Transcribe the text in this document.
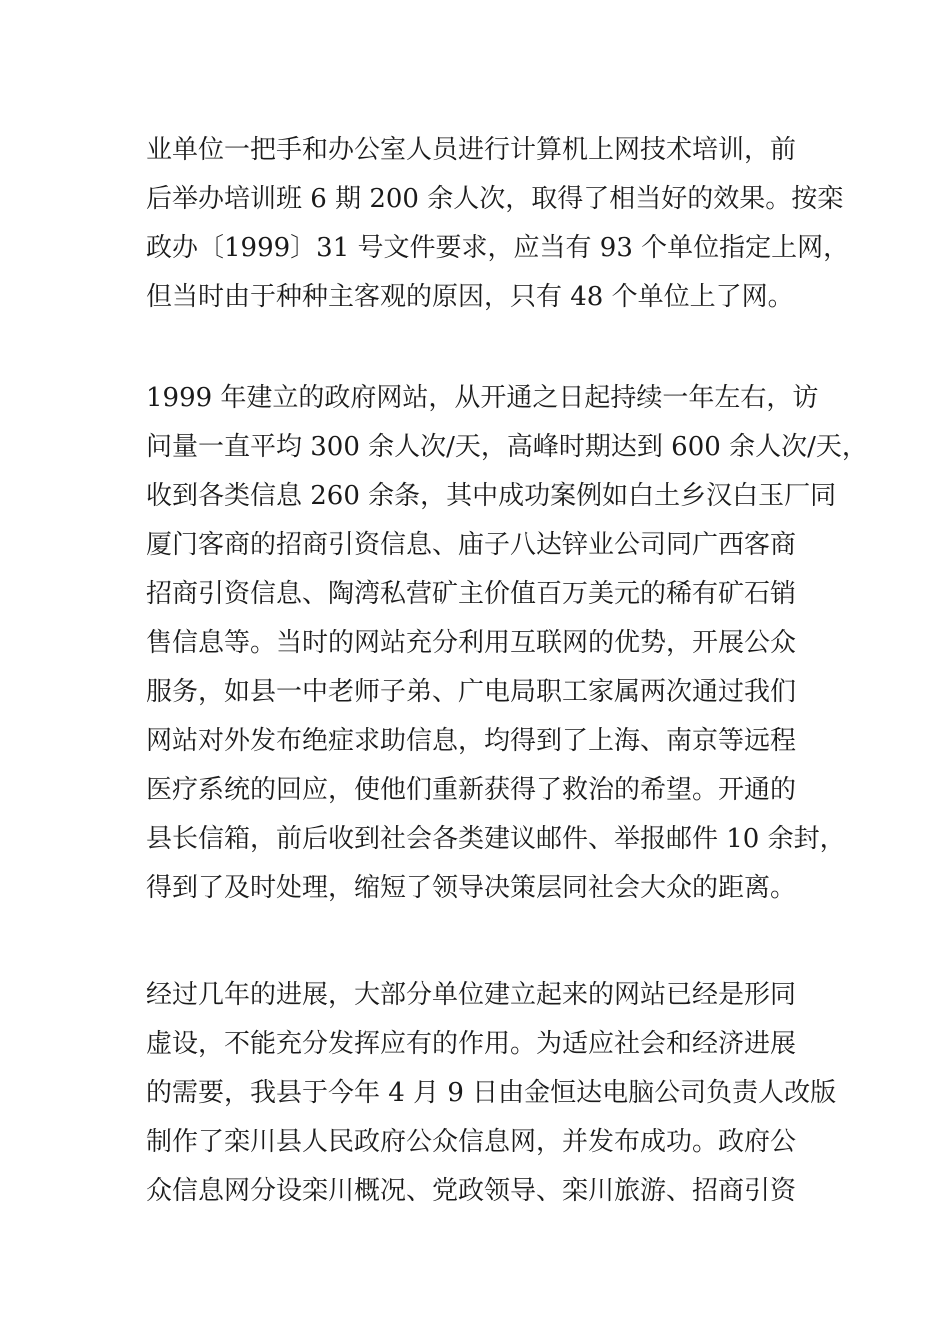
业单位一把手和办公室人员进行计算机上网技术培训，前
后举办培训班 6 期 200 余人次，取得了相当好的效果。按栾
政办〔1999〕31 号文件要求，应当有 93 个单位指定上网，
但当时由于种种主客观的原因，只有 48 个单位上了网。
1999 年建立的政府网站，从开通之日起持续一年左右，访
问量一直平均 300 余人次/天，高峰时期达到 600 余人次/天，
收到各类信息 260 余条，其中成功案例如白土乡汉白玉厂同
厦门客商的招商引资信息、庙子八达锌业公司同广西客商
招商引资信息、陶湾私营矿主价值百万美元的稀有矿石销
售信息等。当时的网站充分利用互联网的优势，开展公众
服务，如县一中老师子弟、广电局职工家属两次通过我们
网站对外发布绝症求助信息，均得到了上海、南京等远程
医疗系统的回应，使他们重新获得了救治的希望。开通的
县长信箱，前后收到社会各类建议邮件、举报邮件 10 余封，
得到了及时处理，缩短了领导决策层同社会大众的距离。
经过几年的进展，大部分单位建立起来的网站已经是形同
虚设，不能充分发挥应有的作用。为适应社会和经济进展
的需要，我县于今年 4 月 9 日由金恒达电脑公司负责人改版
制作了栾川县人民政府公众信息网，并发布成功。政府公
众信息网分设栾川概况、党政领导、栾川旅游、招商引资
